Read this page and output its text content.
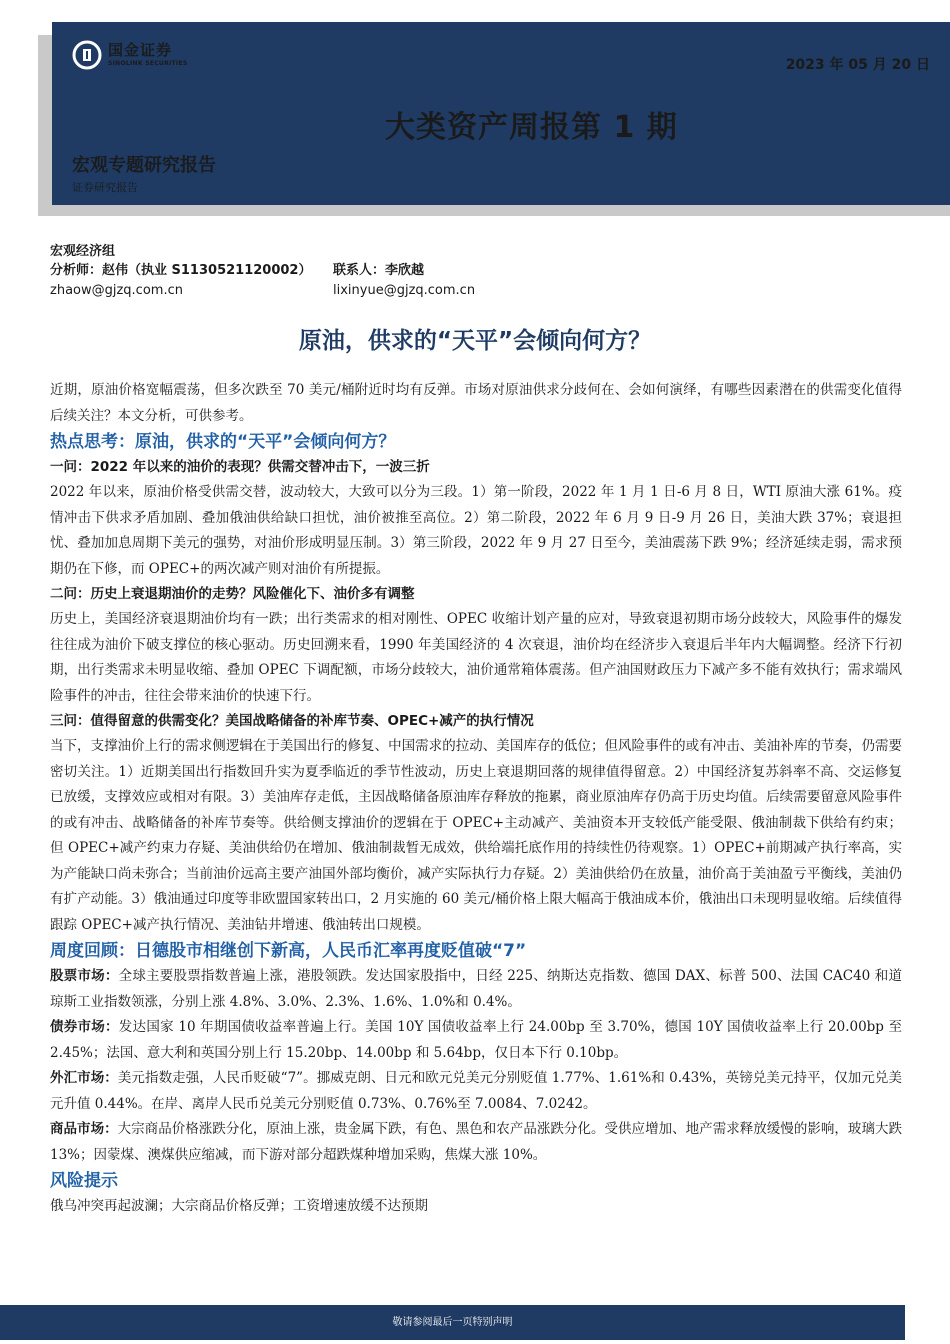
国金证券
SINOLINK SECURITIES	2023 年 05 月 20 日
大类资产周报第 1 期
宏观专题研究报告
证券研究报告
宏观经济组
分析师：赵伟（执业 S1130521120002）
zhaow@gjzq.com.cn
联系人：李欣越
lixinyue@gjzq.com.cn
原油，供求的“天平”会倾向何方？

近期，原油价格宽幅震荡，但多次跌至 70 美元/桶附近时均有反弹。市场对原油供求分歧何在、会如何演绎，有哪些因素潜在的供需变化值得后续关注？本文分析，可供参考。

热点思考：原油，供求的“天平”会倾向何方？

一问：2022 年以来的油价的表现？供需交替冲击下，一波三折

2022 年以来，原油价格受供需交替，波动较大，大致可以分为三段。1）第一阶段，2022 年 1 月 1 日-6 月 8 日，WTI 原油大涨 61%。疫情冲击下供求矛盾加剧、叠加俄油供给缺口担忧，油价被推至高位。2）第二阶段，2022 年 6 月 9 日-9 月 26 日，美油大跌 37%；衰退担忧、叠加加息周期下美元的强势，对油价形成明显压制。3）第三阶段，2022 年 9 月 27 日至今，美油震荡下跌 9%；经济延续走弱，需求预期仍在下修，而 OPEC+的两次减产则对油价有所提振。

二问：历史上衰退期油价的走势？风险催化下、油价多有调整

历史上，美国经济衰退期油价均有一跌；出行类需求的相对刚性、OPEC 收缩计划产量的应对，导致衰退初期市场分歧较大，风险事件的爆发往往成为油价下破支撑位的核心驱动。历史回溯来看，1990 年美国经济的 4 次衰退，油价均在经济步入衰退后半年内大幅调整。经济下行初期，出行类需求未明显收缩、叠加 OPEC 下调配额，市场分歧较大，油价通常箱体震荡。但产油国财政压力下减产多不能有效执行；需求端风险事件的冲击，往往会带来油价的快速下行。

三问：值得留意的供需变化？美国战略储备的补库节奏、OPEC+减产的执行情况

当下，支撑油价上行的需求侧逻辑在于美国出行的修复、中国需求的拉动、美国库存的低位；但风险事件的或有冲击、美油补库的节奏，仍需要密切关注。1）近期美国出行指数回升实为夏季临近的季节性波动，历史上衰退期回落的规律值得留意。2）中国经济复苏斜率不高、交运修复已放缓，支撑效应或相对有限。3）美油库存走低，主因战略储备原油库存释放的拖累，商业原油库存仍高于历史均值。后续需要留意风险事件的或有冲击、战略储备的补库节奏等。供给侧支撑油价的逻辑在于 OPEC+主动减产、美油资本开支较低产能受限、俄油制裁下供给有约束；但 OPEC+减产约束力存疑、美油供给仍在增加、俄油制裁暂无成效，供给端托底作用的持续性仍待观察。1）OPEC+前期减产执行率高，实为产能缺口尚未弥合；当前油价远高主要产油国外部均衡价，减产实际执行力存疑。2）美油供给仍在放量，油价高于美油盈亏平衡线，美油仍有扩产动能。3）俄油通过印度等非欧盟国家转出口，2 月实施的 60 美元/桶价格上限大幅高于俄油成本价，俄油出口未现明显收缩。后续值得跟踪 OPEC+减产执行情况、美油钻井增速、俄油转出口规模。

周度回顾：日德股市相继创下新高，人民币汇率再度贬值破“7”

股票市场：全球主要股票指数普遍上涨，港股领跌。发达国家股指中，日经 225、纳斯达克指数、德国 DAX、标普 500、法国 CAC40 和道琼斯工业指数领涨，分别上涨 4.8%、3.0%、2.3%、1.6%、1.0%和 0.4%。

债券市场：发达国家 10 年期国债收益率普遍上行。美国 10Y 国债收益率上行 24.00bp 至 3.70%，德国 10Y 国债收益率上行 20.00bp 至 2.45%；法国、意大利和英国分别上行 15.20bp、14.00bp 和 5.64bp，仅日本下行 0.10bp。

外汇市场：美元指数走强，人民币贬破“7”。挪威克朗、日元和欧元兑美元分别贬值 1.77%、1.61%和 0.43%，英镑兑美元持平，仅加元兑美元升值 0.44%。在岸、离岸人民币兑美元分别贬值 0.73%、0.76%至 7.0084、7.0242。

商品市场：大宗商品价格涨跌分化，原油上涨，贵金属下跌，有色、黑色和农产品涨跌分化。受供应增加、地产需求释放缓慢的影响，玻璃大跌 13%；因蒙煤、澳煤供应缩减，而下游对部分超跌煤种增加采购，焦煤大涨 10%。

风险提示

俄乌冲突再起波澜；大宗商品价格反弹；工资增速放缓不达预期

敬请参阅最后一页特别声明
